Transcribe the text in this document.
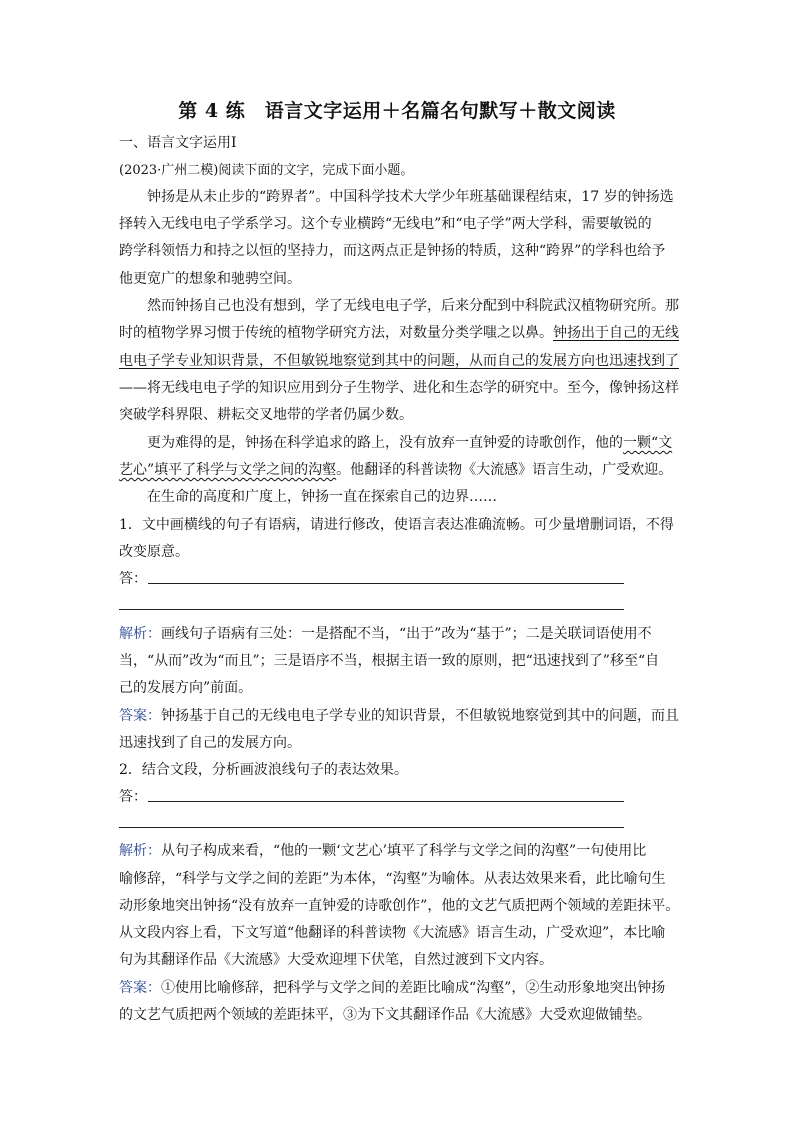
第 4 练　语言文字运用＋名篇名句默写＋散文阅读
一、语言文字运用Ⅰ
(2023·广州二模)阅读下面的文字，完成下面小题。
钟扬是从未止步的“跨界者”。中国科学技术大学少年班基础课程结束，17 岁的钟扬选
择转入无线电电子学系学习。这个专业横跨“无线电”和“电子学”两大学科，需要敏锐的
跨学科领悟力和持之以恒的坚持力，而这两点正是钟扬的特质，这种“跨界”的学科也给予
他更宽广的想象和驰骋空间。
然而钟扬自己也没有想到，学了无线电电子学，后来分配到中科院武汉植物研究所。那
时的植物学界习惯于传统的植物学研究方法，对数量分类学嗤之以鼻。钟扬出于自己的无线
电电子学专业知识背景，不但敏锐地察觉到其中的问题，从而自己的发展方向也迅速找到了
——将无线电电子学的知识应用到分子生物学、进化和生态学的研究中。至今，像钟扬这样
突破学科界限、耕耘交叉地带的学者仍属少数。
更为难得的是，钟扬在科学追求的路上，没有放弃一直钟爱的诗歌创作，他的一颗“文
艺心”填平了科学与文学之间的沟壑。他翻译的科普读物《大流感》语言生动，广受欢迎。
在生命的高度和广度上，钟扬一直在探索自己的边界……
1．文中画横线的句子有语病，请进行修改，使语言表达准确流畅。可少量增删词语，不得
改变原意。
答：
解析：画线句子语病有三处：一是搭配不当，“出于”改为“基于”；二是关联词语使用不
当，“从而”改为“而且”；三是语序不当，根据主语一致的原则，把“迅速找到了”移至“自
己的发展方向”前面。
答案：钟扬基于自己的无线电电子学专业的知识背景，不但敏锐地察觉到其中的问题，而且
迅速找到了自己的发展方向。
2．结合文段，分析画波浪线句子的表达效果。
答：
解析：从句子构成来看，“他的一颗‘文艺心’填平了科学与文学之间的沟壑”一句使用比
喻修辞，“科学与文学之间的差距”为本体，“沟壑”为喻体。从表达效果来看，此比喻句生
动形象地突出钟扬“没有放弃一直钟爱的诗歌创作”，他的文艺气质把两个领域的差距抹平。
从文段内容上看，下文写道“他翻译的科普读物《大流感》语言生动，广受欢迎”，本比喻
句为其翻译作品《大流感》大受欢迎埋下伏笔，自然过渡到下文内容。
答案：①使用比喻修辞，把科学与文学之间的差距比喻成“沟壑”，②生动形象地突出钟扬
的文艺气质把两个领域的差距抹平，③为下文其翻译作品《大流感》大受欢迎做铺垫。
